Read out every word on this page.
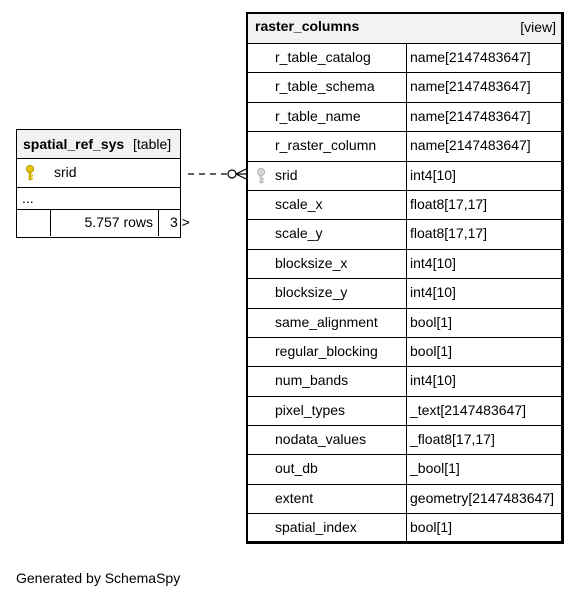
spatial_ref_sys [table]
srid
...
5.757 rows 3 >
raster_columns	[view]
r_table_catalog	name[2147483647]
r_table_schema	name[2147483647]
r_table_name	name[2147483647]
r_raster_column name[2147483647]
srid	int4[10]
scale_x	float8[17,17]
scale_y	float8[17,17]
blocksize_x	int4[10]
blocksize_y	int4[10]
same_alignment bool[1]
regular_blocking bool[1]
num_bands	int4[10]
pixel_types	_text[2147483647]
nodata_values	_float8[17,17]
out_db	_bool[1]
extent	geometry[2147483647]
spatial_index	bool[1]
Generated by SchemaSpy
